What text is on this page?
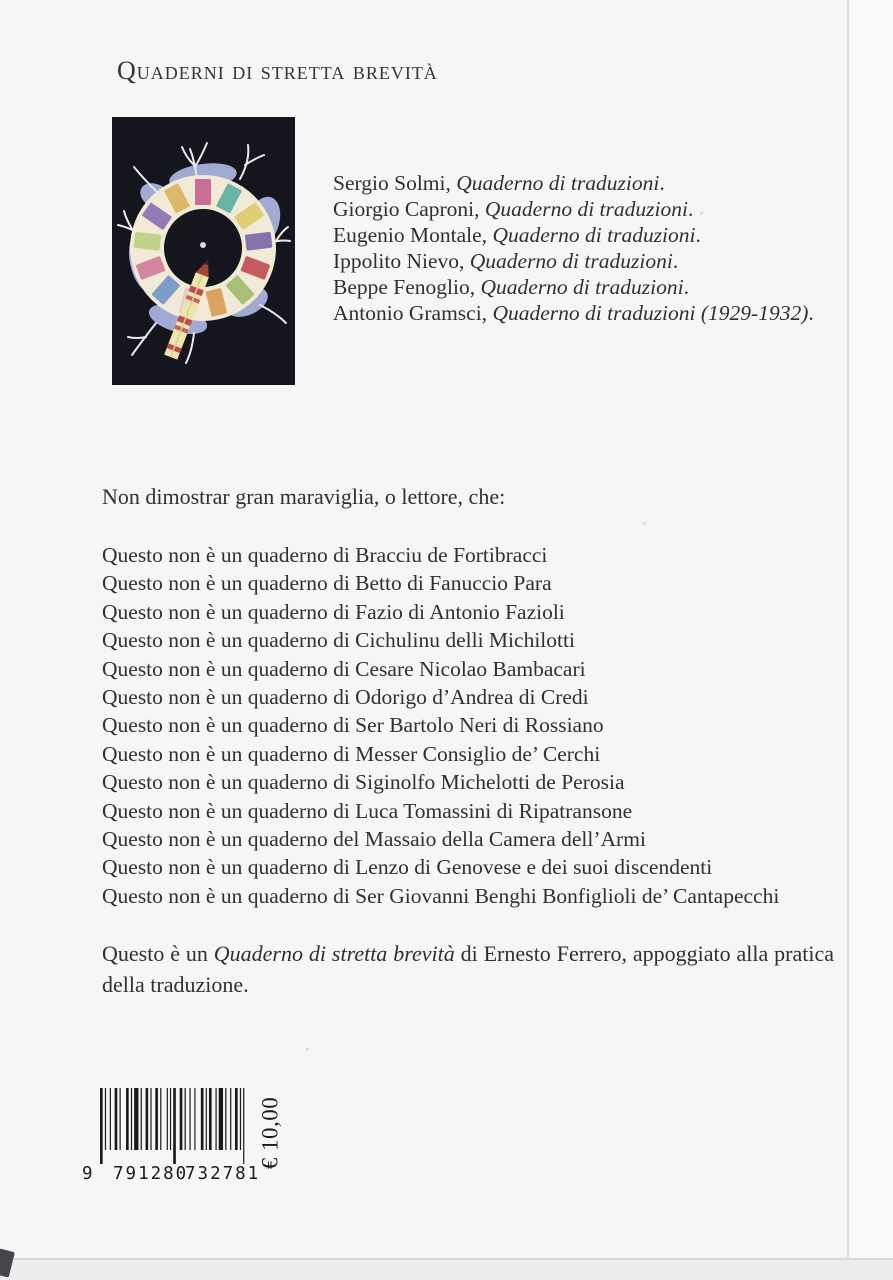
Quaderni di stretta brevità
Sergio Solmi, Quaderno di traduzioni.
Giorgio Caproni, Quaderno di traduzioni.
Eugenio Montale, Quaderno di traduzioni.
Ippolito Nievo, Quaderno di traduzioni.
Beppe Fenoglio, Quaderno di traduzioni.
Antonio Gramsci, Quaderno di traduzioni (1929-1932).
Non dimostrar gran maraviglia, o lettore, che:
Questo non è un quaderno di Bracciu de Fortibracci
Questo non è un quaderno di Betto di Fanuccio Para
Questo non è un quaderno di Fazio di Antonio Fazioli
Questo non è un quaderno di Cichulinu delli Michilotti
Questo non è un quaderno di Cesare Nicolao Bambacari
Questo non è un quaderno di Odorigo d’Andrea di Credi
Questo non è un quaderno di Ser Bartolo Neri di Rossiano
Questo non è un quaderno di Messer Consiglio de’ Cerchi
Questo non è un quaderno di Siginolfo Michelotti de Perosia
Questo non è un quaderno di Luca Tomassini di Ripatransone
Questo non è un quaderno del Massaio della Camera dell’Armi
Questo non è un quaderno di Lenzo di Genovese e dei suoi discendenti
Questo non è un quaderno di Ser Giovanni Benghi Bonfiglioli de’ Cantapecchi
Questo è un Quaderno di stretta brevità di Ernesto Ferrero, appoggiato alla pratica della traduzione.
9 791280
732781
€ 10,00
